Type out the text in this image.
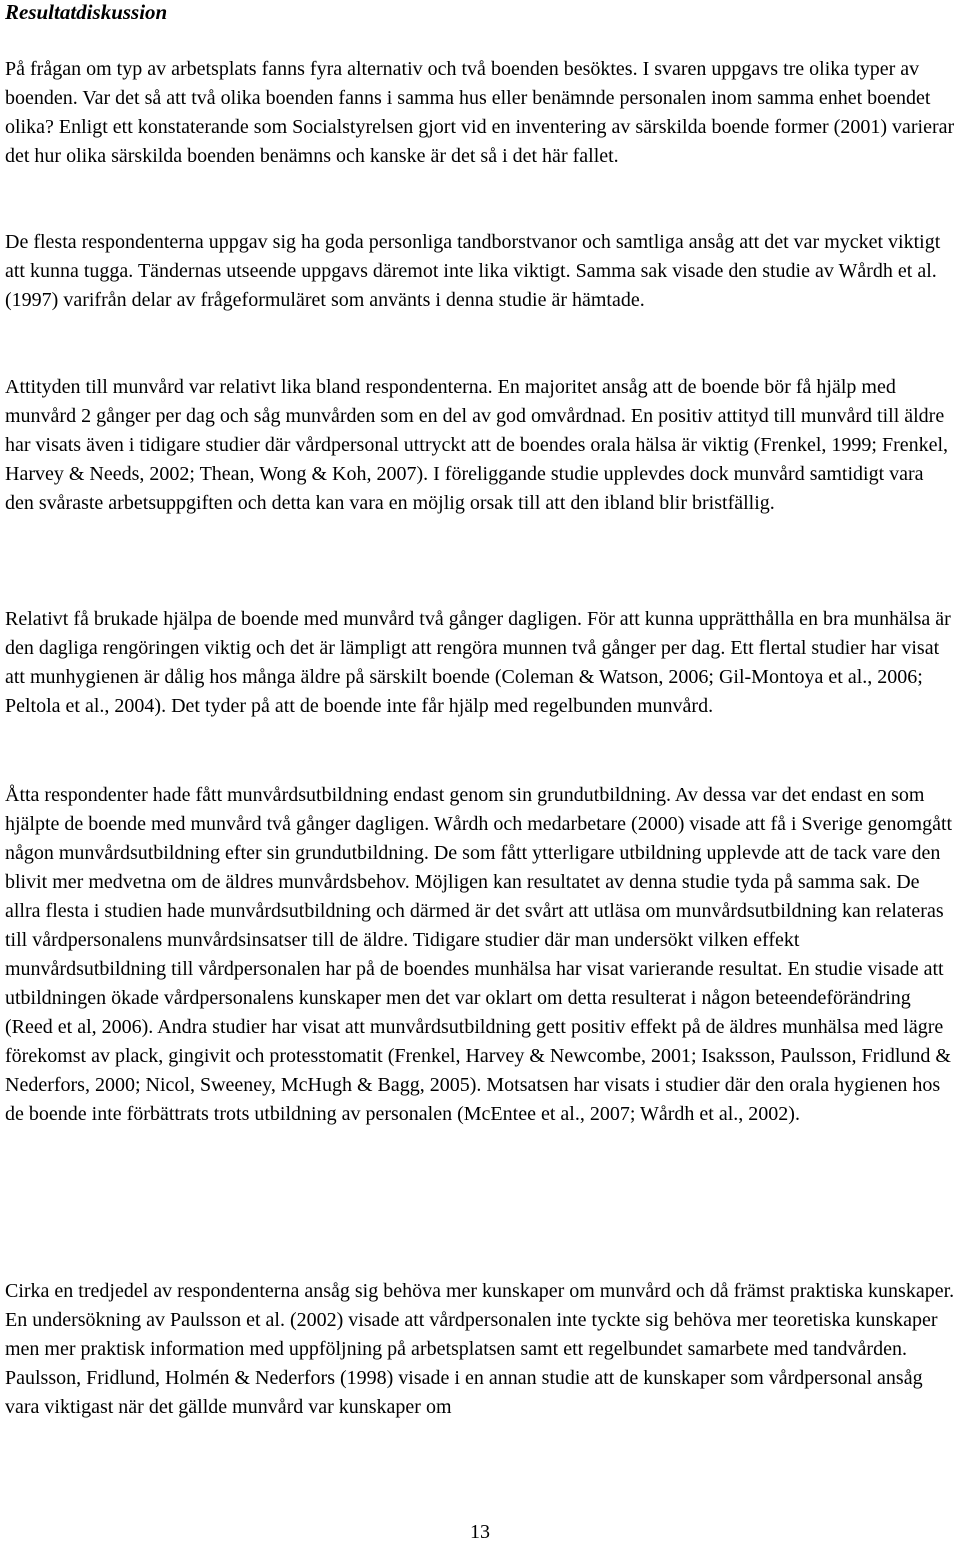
Resultatdiskussion

På frågan om typ av arbetsplats fanns fyra alternativ och två boenden besöktes. I svaren uppgavs tre olika typer av boenden. Var det så att två olika boenden fanns i samma hus eller benämnde personalen inom samma enhet boendet olika? Enligt ett konstaterande som Socialstyrelsen gjort vid en inventering av särskilda boende former (2001) varierar det hur olika särskilda boenden benämns och kanske är det så i det här fallet.

De flesta respondenterna uppgav sig ha goda personliga tandborstvanor och samtliga ansåg att det var mycket viktigt att kunna tugga. Tändernas utseende uppgavs däremot inte lika viktigt. Samma sak visade den studie av Wårdh et al. (1997) varifrån delar av frågeformuläret som använts i denna studie är hämtade.

Attityden till munvård var relativt lika bland respondenterna. En majoritet ansåg att de boende bör få hjälp med munvård 2 gånger per dag och såg munvården som en del av god omvårdnad. En positiv attityd till munvård till äldre har visats även i tidigare studier där vårdpersonal uttryckt att de boendes orala hälsa är viktig (Frenkel, 1999; Frenkel, Harvey & Needs, 2002; Thean, Wong & Koh, 2007). I föreliggande studie upplevdes dock munvård samtidigt vara den svåraste arbetsuppgiften och detta kan vara en möjlig orsak till att den ibland blir bristfällig.

Relativt få brukade hjälpa de boende med munvård två gånger dagligen. För att kunna upprätthålla en bra munhälsa är den dagliga rengöringen viktig och det är lämpligt att rengöra munnen två gånger per dag. Ett flertal studier har visat att munhygienen är dålig hos många äldre på särskilt boende (Coleman & Watson, 2006; Gil-Montoya et al., 2006; Peltola et al., 2004). Det tyder på att de boende inte får hjälp med regelbunden munvård.

Åtta respondenter hade fått munvårdsutbildning endast genom sin grundutbildning. Av dessa var det endast en som hjälpte de boende med munvård två gånger dagligen. Wårdh och medarbetare (2000) visade att få i Sverige genomgått någon munvårdsutbildning efter sin grundutbildning. De som fått ytterligare utbildning upplevde att de tack vare den blivit mer medvetna om de äldres munvårdsbehov. Möjligen kan resultatet av denna studie tyda på samma sak. De allra flesta i studien hade munvårdsutbildning och därmed är det svårt att utläsa om munvårdsutbildning kan relateras till vårdpersonalens munvårdsinsatser till de äldre. Tidigare studier där man undersökt vilken effekt munvårdsutbildning till vårdpersonalen har på de boendes munhälsa har visat varierande resultat. En studie visade att utbildningen ökade vårdpersonalens kunskaper men det var oklart om detta resulterat i någon beteendeförändring (Reed et al, 2006). Andra studier har visat att munvårdsutbildning gett positiv effekt på de äldres munhälsa med lägre förekomst av plack, gingivit och protesstomatit (Frenkel, Harvey & Newcombe, 2001; Isaksson, Paulsson, Fridlund & Nederfors, 2000; Nicol, Sweeney, McHugh & Bagg, 2005). Motsatsen har visats i studier där den orala hygienen hos de boende inte förbättrats trots utbildning av personalen (McEntee et al., 2007; Wårdh et al., 2002).

Cirka en tredjedel av respondenterna ansåg sig behöva mer kunskaper om munvård och då främst praktiska kunskaper. En undersökning av Paulsson et al. (2002) visade att vårdpersonalen inte tyckte sig behöva mer teoretiska kunskaper men mer praktisk information med uppföljning på arbetsplatsen samt ett regelbundet samarbete med tandvården. Paulsson, Fridlund, Holmén & Nederfors (1998) visade i en annan studie att de kunskaper som vårdpersonal ansåg vara viktigast när det gällde munvård var kunskaper om

13
